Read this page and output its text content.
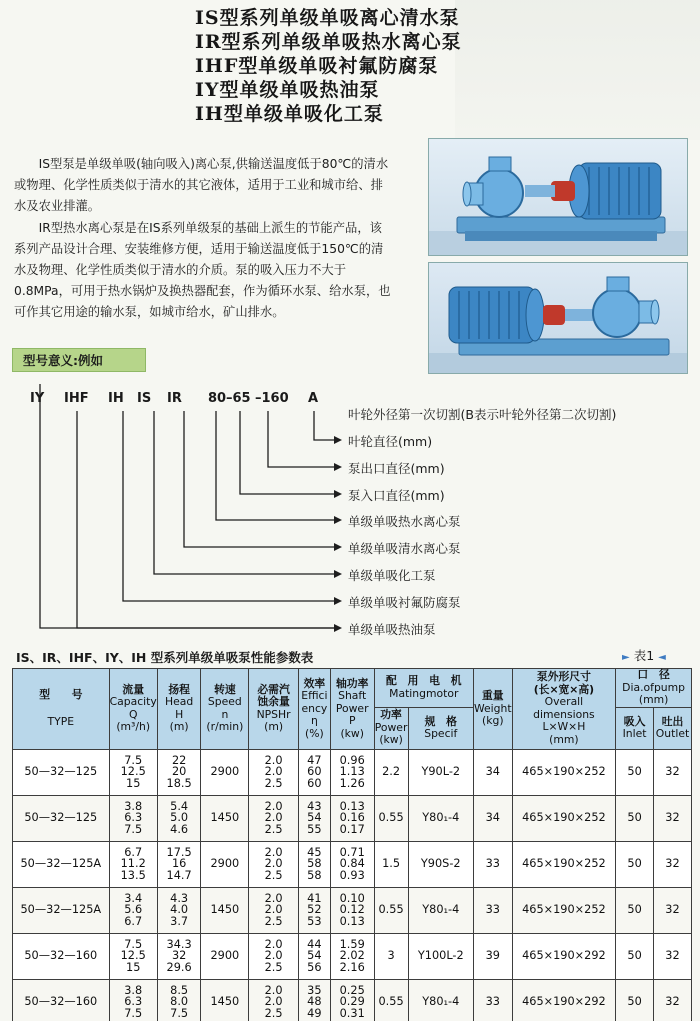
IS型系列单级单吸离心清水泵
IR型系列单级单吸热水离心泵
IHF型单级单吸衬氟防腐泵
IY型单级单吸热油泵
IH型单级单吸化工泵

IS型泵是单级单吸(轴向吸入)离心泵,供输送温度低于80℃的清水或物理、化学性质类似于清水的其它液体，适用于工业和城市给、排水及农业排灌。

IR型热水离心泵是在IS系列单级泵的基础上派生的节能产品，该系列产品设计合理、安装维修方便，适用于输送温度低于150℃的清水及物理、化学性质类似于清水的介质。泵的吸入压力不大于0.8MPa，可用于热水锅炉及换热器配套，作为循环水泵、给水泵，也可作其它用途的输水泵，如城市给水，矿山排水。

型号意义:例如
IY IHF IH IS IR 80 –65 –160 A
叶轮外径第一次切割(B表示叶轮外径第二次切割)
叶轮直径(mm)
泵出口直径(mm)
泵入口直径(mm)
单级单吸热水离心泵
单级单吸清水离心泵
单级单吸化工泵
单级单吸衬氟防腐泵
单级单吸热油泵
IS、IR、IHF、IY、IH 型系列单级单吸泵性能参数表	► 表1 ◄
型　　号
TYPE	流量
Capacity
Q
(m³/h)	扬程
Head
H
(m)	转速
Speed
n
(r/min)	必需汽
蚀余量
NPSHr
(m)	效率
Effici
ency
η
(%)	轴功率
Shaft
Power
P
(kw)	配　用　电　机
Matingmotor		重量
Weight
(kg)	泵外形尺寸
(长×宽×高)
Overall dimensions
L×W×H
(mm)	口　径
Dia.ofpump
(mm)	

							功率
Power
(kw)	规　格
Specif			吸入
Inlet	吐出
Outlet

50—32—125	7.5
12.5
15	22
20
18.5	2900	2.0
2.0
2.5	47
60
60	0.96
1.13
1.26	2.2	Y90L-2	34	465×190×252	50	32
50—32—125	3.8
6.3
7.5	5.4
5.0
4.6	1450	2.0
2.0
2.5	43
54
55	0.13
0.16
0.17	0.55	Y80₁-4	34	465×190×252	50	32
50—32—125A	6.7
11.2
13.5	17.5
16
14.7	2900	2.0
2.0
2.5	45
58
58	0.71
0.84
0.93	1.5	Y90S-2	33	465×190×252	50	32
50—32—125A	3.4
5.6
6.7	4.3
4.0
3.7	1450	2.0
2.0
2.5	41
52
53	0.10
0.12
0.13	0.55	Y80₁-4	33	465×190×252	50	32
50—32—160	7.5
12.5
15	34.3
32
29.6	2900	2.0
2.0
2.5	44
54
56	1.59
2.02
2.16	3	Y100L-2	39	465×190×292	50	32
50—32—160	3.8
6.3
7.5	8.5
8.0
7.5	1450	2.0
2.0
2.5	35
48
49	0.25
0.29
0.31	0.55	Y80₁-4	33	465×190×292	50	32
